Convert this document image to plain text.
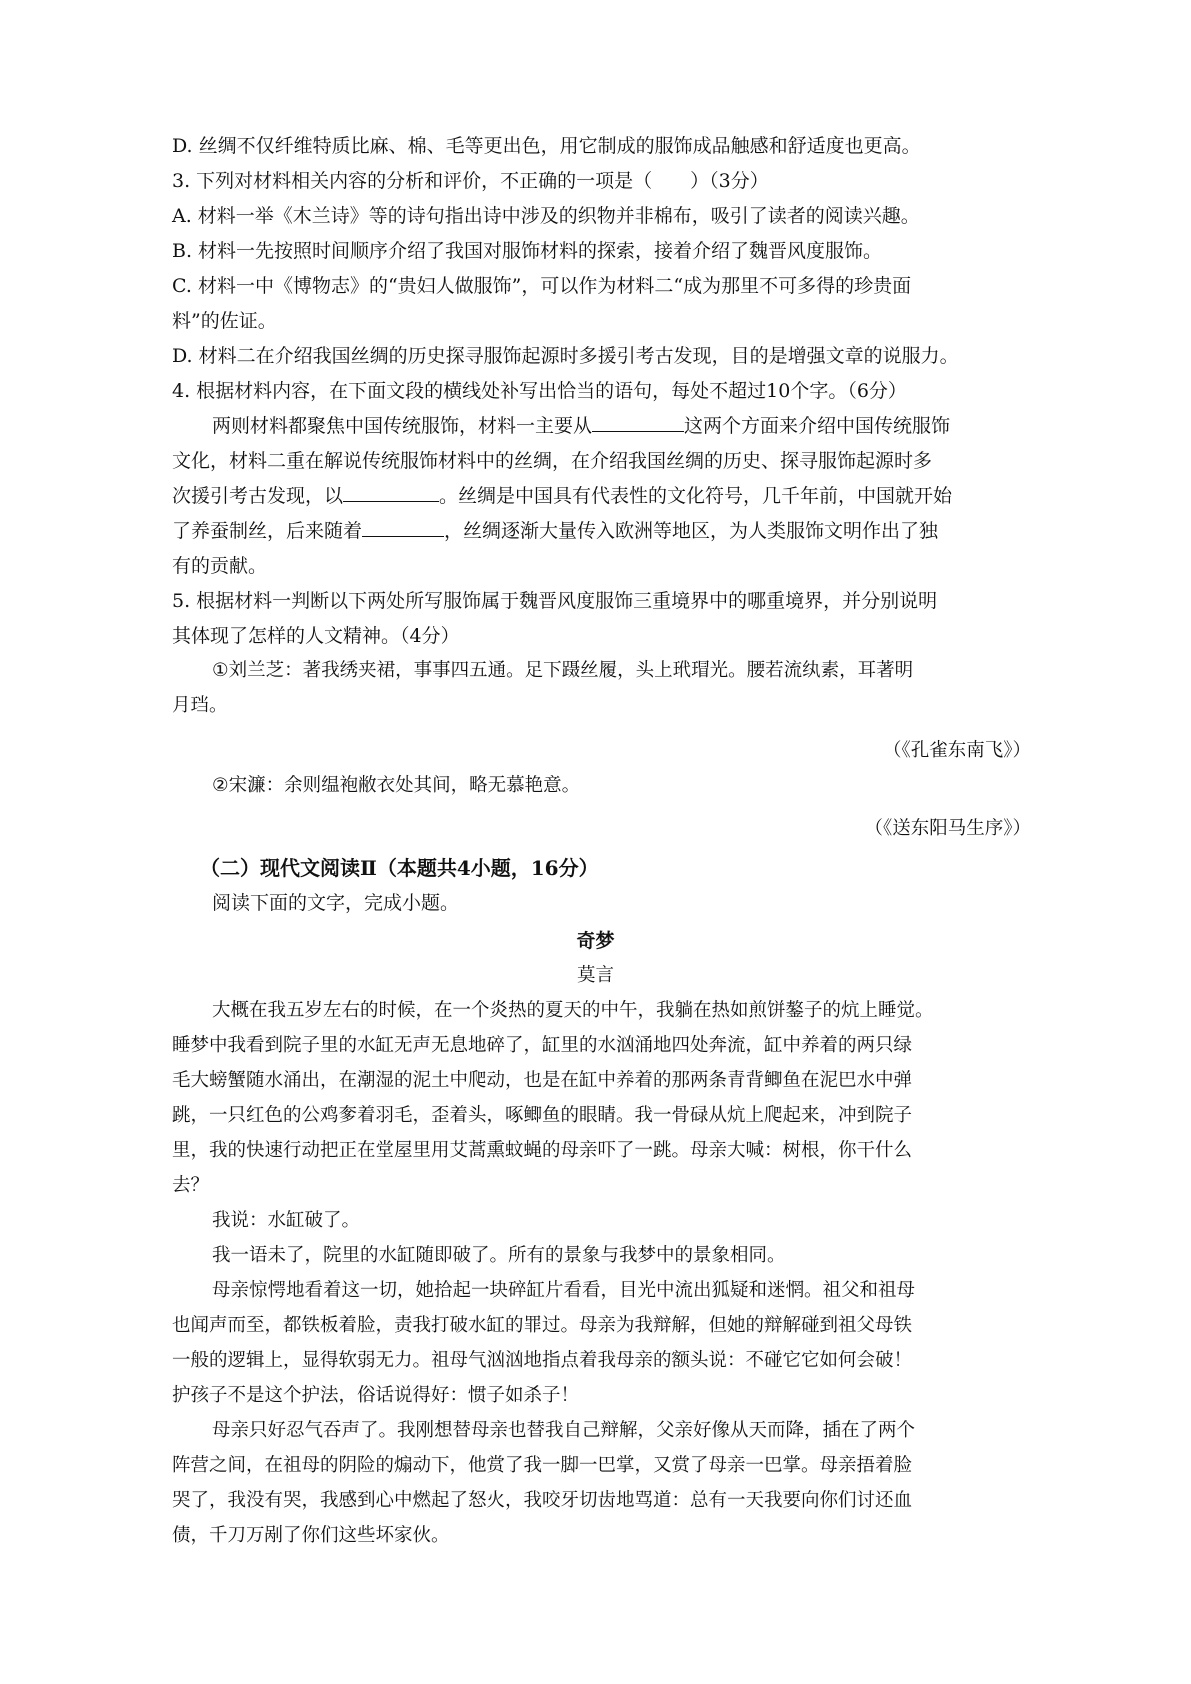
D. 丝绸不仅纤维特质比麻、棉、毛等更出色，用它制成的服饰成品触感和舒适度也更高。
3. 下列对材料相关内容的分析和评价，不正确的一项是（　　）（3分）
A. 材料一举《木兰诗》等的诗句指出诗中涉及的织物并非棉布，吸引了读者的阅读兴趣。
B. 材料一先按照时间顺序介绍了我国对服饰材料的探索，接着介绍了魏晋风度服饰。
C. 材料一中《博物志》的“贵妇人做服饰”，可以作为材料二“成为那里不可多得的珍贵面
料”的佐证。
D. 材料二在介绍我国丝绸的历史探寻服饰起源时多援引考古发现，目的是增强文章的说服力。
4. 根据材料内容，在下面文段的横线处补写出恰当的语句，每处不超过10个字。（6分）
两则材料都聚焦中国传统服饰，材料一主要从	这两个方面来介绍中国传统服饰
文化，材料二重在解说传统服饰材料中的丝绸，在介绍我国丝绸的历史、探寻服饰起源时多
次援引考古发现，以	。丝绸是中国具有代表性的文化符号，几千年前，中国就开始
了养蚕制丝，后来随着	，丝绸逐渐大量传入欧洲等地区，为人类服饰文明作出了独
有的贡献。
5. 根据材料一判断以下两处所写服饰属于魏晋风度服饰三重境界中的哪重境界，并分别说明
其体现了怎样的人文精神。（4分）
①刘兰芝：著我绣夹裙，事事四五通。足下蹑丝履，头上玳瑁光。腰若流纨素，耳著明
月珰。
（《孔雀东南飞》）
②宋濂：余则缊袍敝衣处其间，略无慕艳意。
（《送东阳马生序》）
（二）现代文阅读Ⅱ（本题共4小题，16分）
阅读下面的文字，完成小题。
奇梦
莫言
大概在我五岁左右的时候，在一个炎热的夏天的中午，我躺在热如煎饼鏊子的炕上睡觉。
睡梦中我看到院子里的水缸无声无息地碎了，缸里的水汹涌地四处奔流，缸中养着的两只绿
毛大螃蟹随水涌出，在潮湿的泥土中爬动，也是在缸中养着的那两条青背鲫鱼在泥巴水中弹
跳，一只红色的公鸡奓着羽毛，歪着头，啄鲫鱼的眼睛。我一骨碌从炕上爬起来，冲到院子
里，我的快速行动把正在堂屋里用艾蒿熏蚊蝇的母亲吓了一跳。母亲大喊：树根，你干什么
去？
我说：水缸破了。
我一语未了，院里的水缸随即破了。所有的景象与我梦中的景象相同。
母亲惊愕地看着这一切，她拾起一块碎缸片看看，目光中流出狐疑和迷惘。祖父和祖母
也闻声而至，都铁板着脸，责我打破水缸的罪过。母亲为我辩解，但她的辩解碰到祖父母铁
一般的逻辑上，显得软弱无力。祖母气汹汹地指点着我母亲的额头说：不碰它它如何会破！
护孩子不是这个护法，俗话说得好：惯子如杀子！
母亲只好忍气吞声了。我刚想替母亲也替我自己辩解，父亲好像从天而降，插在了两个
阵营之间，在祖母的阴险的煽动下，他赏了我一脚一巴掌，又赏了母亲一巴掌。母亲捂着脸
哭了，我没有哭，我感到心中燃起了怒火，我咬牙切齿地骂道：总有一天我要向你们讨还血
债，千刀万剐了你们这些坏家伙。
